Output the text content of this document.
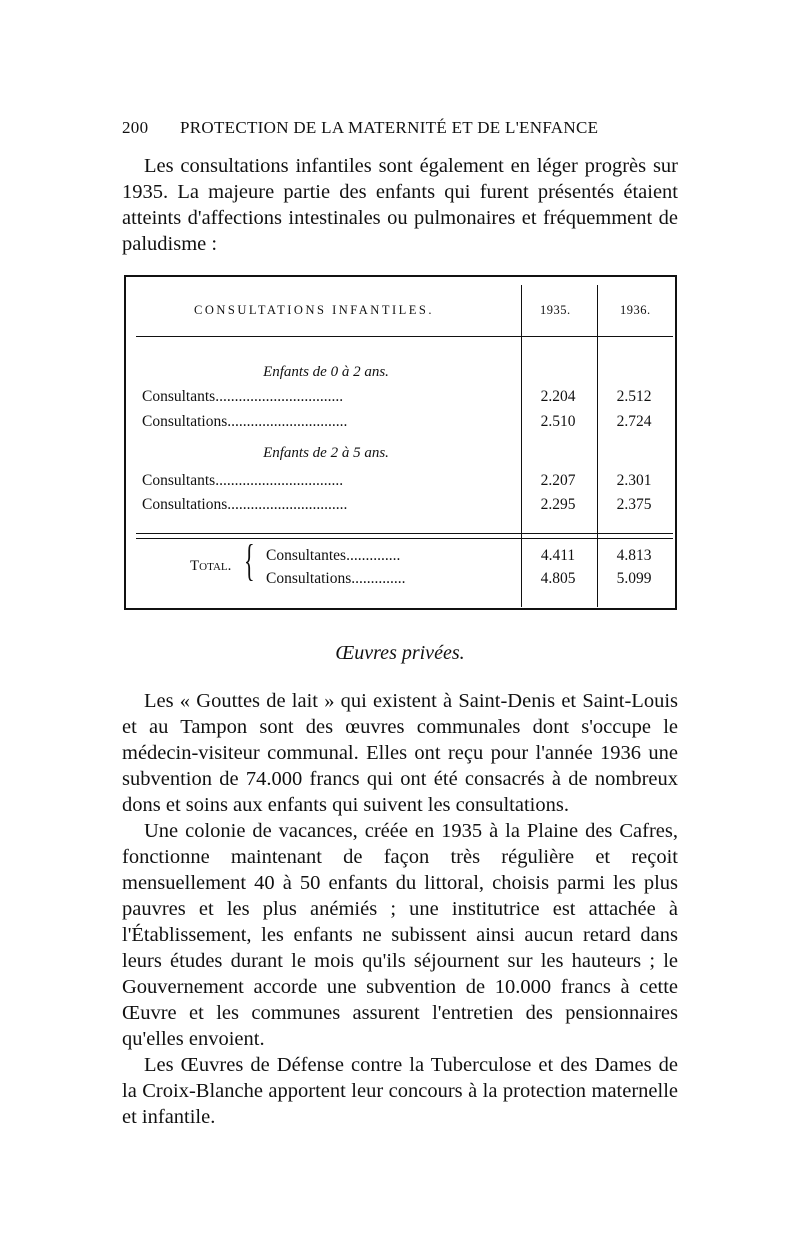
200 PROTECTION DE LA MATERNITÉ ET DE L'ENFANCE

Les consultations infantiles sont également en léger progrès sur 1935. La majeure partie des enfants qui furent présentés étaient atteints d'affections intestinales ou pulmonaires et fréquemment de paludisme :

CONSULTATIONS INFANTILES.	1935.	1936.
Enfants de 0 à 2 ans.
Consultants.................................	2.204	2.512
Consultations...............................	2.510	2.724
Enfants de 2 à 5 ans.
Consultants.................................	2.207	2.301
Consultations...............................	2.295	2.375
Total. { Consultantes..............	4.411	4.813
Consultations..............	4.805	5.099
Œuvres privées.

Les « Gouttes de lait » qui existent à Saint-Denis et Saint-Louis et au Tampon sont des œuvres communales dont s'occupe le médecin-visiteur communal. Elles ont reçu pour l'année 1936 une subvention de 74.000 francs qui ont été consacrés à de nombreux dons et soins aux enfants qui suivent les consultations.

Une colonie de vacances, créée en 1935 à la Plaine des Cafres, fonctionne maintenant de façon très régulière et reçoit mensuellement 40 à 50 enfants du littoral, choisis parmi les plus pauvres et les plus anémiés ; une institutrice est attachée à l'Établissement, les enfants ne subissent ainsi aucun retard dans leurs études durant le mois qu'ils séjournent sur les hauteurs ; le Gouvernement accorde une subvention de 10.000 francs à cette Œuvre et les communes assurent l'entretien des pensionnaires qu'elles envoient.

Les Œuvres de Défense contre la Tuberculose et des Dames de la Croix-Blanche apportent leur concours à la protection maternelle et infantile.
